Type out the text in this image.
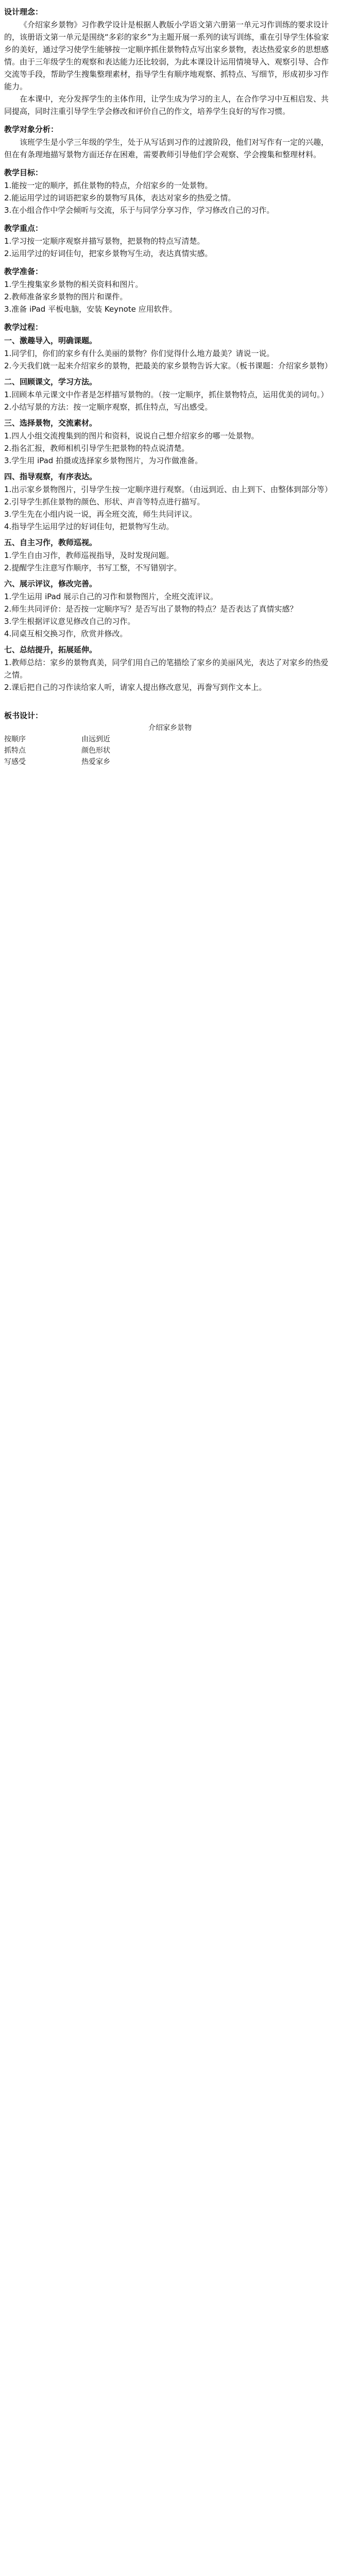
设计理念：

《介绍家乡景物》习作教学设计是根据人教版小学语文第六册第一单元习作训练的要求设计的，该册语文第一单元是围绕“多彩的家乡”为主题开展一系列的读写训练，重在引导学生体验家乡的美好，通过学习使学生能够按一定顺序抓住景物特点写出家乡景物，表达热爱家乡的思想感情。由于三年级学生的观察和表达能力还比较弱，为此本课设计运用情境导入、观察引导、合作交流等手段，帮助学生搜集整理素材，指导学生有顺序地观察、抓特点、写细节，形成初步习作能力。

在本课中，充分发挥学生的主体作用，让学生成为学习的主人，在合作学习中互相启发、共同提高，同时注重引导学生学会修改和评价自己的作文，培养学生良好的写作习惯。

教学对象分析：

该班学生是小学三年级的学生，处于从写话到习作的过渡阶段，他们对写作有一定的兴趣，但在有条理地描写景物方面还存在困难，需要教师引导他们学会观察、学会搜集和整理材料。

教学目标：

1.能按一定的顺序，抓住景物的特点，介绍家乡的一处景物。

2.能运用学过的词语把家乡的景物写具体，表达对家乡的热爱之情。

3.在小组合作中学会倾听与交流，乐于与同学分享习作，学习修改自己的习作。

教学重点：

1.学习按一定顺序观察并描写景物，把景物的特点写清楚。

2.运用学过的好词佳句，把家乡景物写生动，表达真情实感。

教学准备：

1.学生搜集家乡景物的相关资料和图片。

2.教师准备家乡景物的图片和课件。

3.准备 iPad 平板电脑，安装 Keynote 应用软件。

教学过程：

一、激趣导入，明确课题。

1.同学们，你们的家乡有什么美丽的景物？你们觉得什么地方最美？请说一说。

2.今天我们就一起来介绍家乡的景物，把最美的家乡景物告诉大家。（板书课题：介绍家乡景物）

二、回顾课文，学习方法。

1.回顾本单元课文中作者是怎样描写景物的。（按一定顺序，抓住景物特点，运用优美的词句。）

2.小结写景的方法：按一定顺序观察，抓住特点，写出感受。

三、选择景物，交流素材。

1.四人小组交流搜集到的图片和资料，说说自己想介绍家乡的哪一处景物。

2.指名汇报，教师相机引导学生把景物的特点说清楚。

3.学生用 iPad 拍摄或选择家乡景物图片，为习作做准备。

四、指导观察，有序表达。

1.出示家乡景物图片，引导学生按一定顺序进行观察。（由远到近、由上到下、由整体到部分等）

2.引导学生抓住景物的颜色、形状、声音等特点进行描写。

3.学生先在小组内说一说，再全班交流，师生共同评议。

4.指导学生运用学过的好词佳句，把景物写生动。

五、自主习作，教师巡视。

1.学生自由习作，教师巡视指导，及时发现问题。

2.提醒学生注意写作顺序，书写工整，不写错别字。

六、展示评议，修改完善。

1.学生运用 iPad 展示自己的习作和景物图片，全班交流评议。

2.师生共同评价：是否按一定顺序写？是否写出了景物的特点？是否表达了真情实感？

3.学生根据评议意见修改自己的习作。

4.同桌互相交换习作，欣赏并修改。

七、总结提升，拓展延伸。

1.教师总结：家乡的景物真美，同学们用自己的笔描绘了家乡的美丽风光，表达了对家乡的热爱之情。

2.课后把自己的习作读给家人听，请家人提出修改意见，再誊写到作文本上。

板书设计：

介绍家乡景物
按顺序
抓特点
写感受
由远到近
颜色形状
热爱家乡
